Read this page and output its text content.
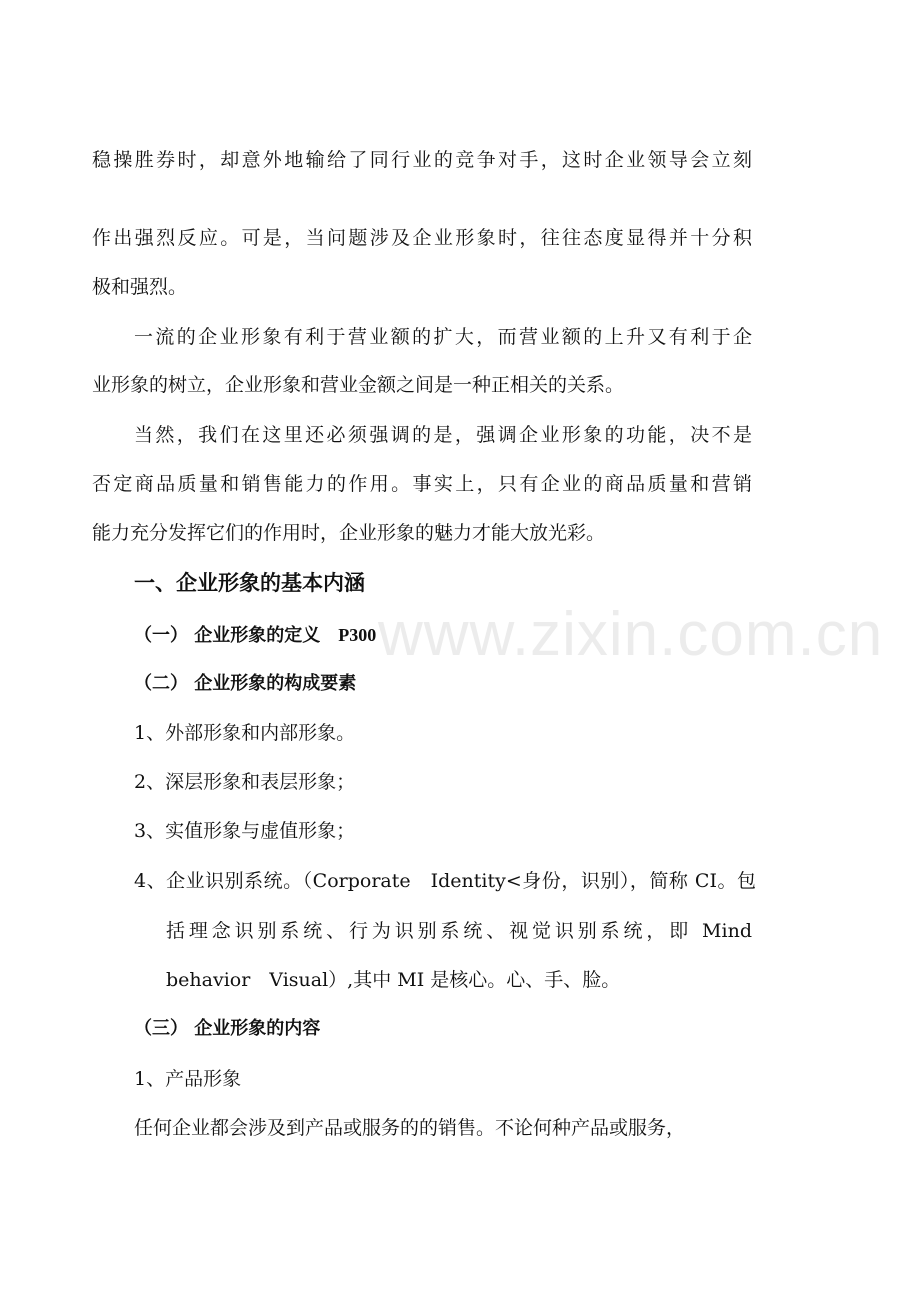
www.zixin.com.cn
稳操胜券时，却意外地输给了同行业的竞争对手，这时企业领导会立刻
作出强烈反应。可是，当问题涉及企业形象时，往往态度显得并十分积
极和强烈。
一流的企业形象有利于营业额的扩大，而营业额的上升又有利于企
业形象的树立，企业形象和营业金额之间是一种正相关的关系。
当然，我们在这里还必须强调的是，强调企业形象的功能，决不是
否定商品质量和销售能力的作用。事实上，只有企业的商品质量和营销
能力充分发挥它们的作用时，企业形象的魅力才能大放光彩。
一、企业形象的基本内涵
（一） 企业形象的定义 P300
（二） 企业形象的构成要素
1、外部形象和内部形象。
2、深层形象和表层形象；
3、实值形象与虚值形象；
4、企业识别系统。（Corporate　Identity<身份，识别），简称 CI。包
括理念识别系统、行为识别系统、视觉识别系统，即 Mind
behavior　Visual）,其中 MI 是核心。心、手、脸。
（三） 企业形象的内容
1、产品形象
任何企业都会涉及到产品或服务的的销售。不论何种产品或服务，
